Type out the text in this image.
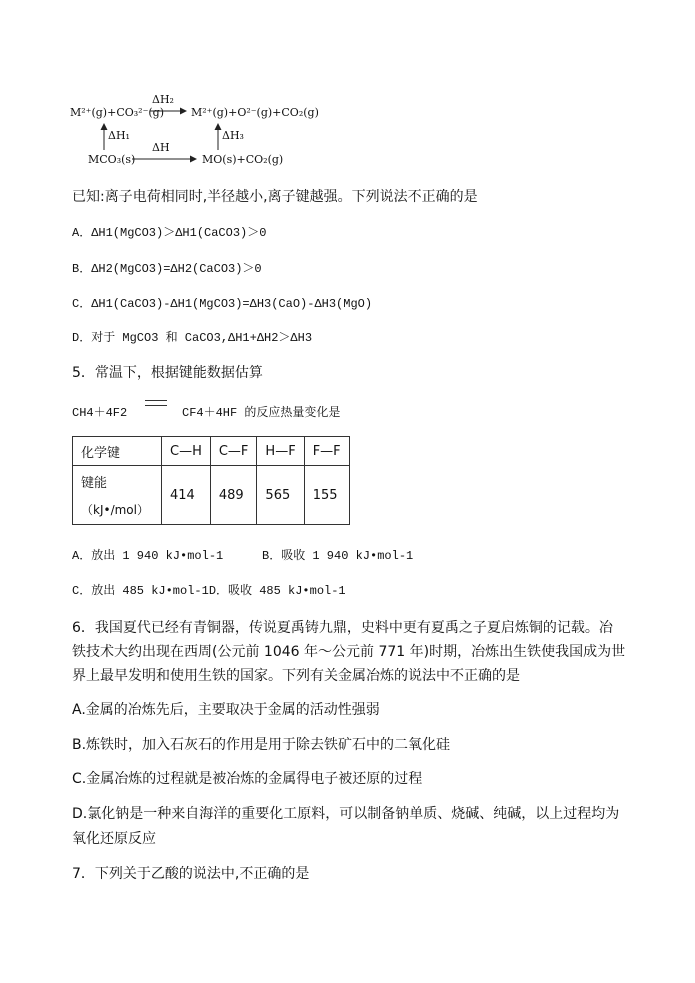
M²⁺(g)+CO₃²⁻(g) M²⁺(g)+O²⁻(g)+CO₂(g)
ΔH₂
ΔH₁	ΔH₃
MCO₃(s)	MO(s)+CO₂(g)
ΔH
已知:离子电荷相同时,半径越小,离子键越强。下列说法不正确的是
A．ΔH1(MgCO3)＞ΔH1(CaCO3)＞0
B．ΔH2(MgCO3)=ΔH2(CaCO3)＞0
C．ΔH1(CaCO3)-ΔH1(MgCO3)=ΔH3(CaO)-ΔH3(MgO)
D．对于 MgCO3 和 CaCO3,ΔH1+ΔH2＞ΔH3
5．常温下，根据键能数据估算
CH4＋4F2	CF4＋4HF 的反应热量变化是
化学键	C—H	C—F	H—F	F—F

键能
（kJ•/mol）	414	489	565	155
A．放出 1 940 kJ•mol-1	B．吸收 1 940 kJ•mol-1
C．放出 485 kJ•mol-1D．吸收 485 kJ•mol-1
6．我国夏代已经有青铜器，传说夏禹铸九鼎，史料中更有夏禹之子夏启炼铜的记载。冶
铁技术大约出现在西周(公元前 1046 年～公元前 771 年)时期，冶炼出生铁使我国成为世
界上最早发明和使用生铁的国家。下列有关金属冶炼的说法中不正确的是
A.金属的冶炼先后，主要取决于金属的活动性强弱
B.炼铁时，加入石灰石的作用是用于除去铁矿石中的二氧化硅
C.金属冶炼的过程就是被冶炼的金属得电子被还原的过程
D.氯化钠是一种来自海洋的重要化工原料，可以制备钠单质、烧碱、纯碱，以上过程均为
氧化还原反应
7．下列关于乙酸的说法中,不正确的是
